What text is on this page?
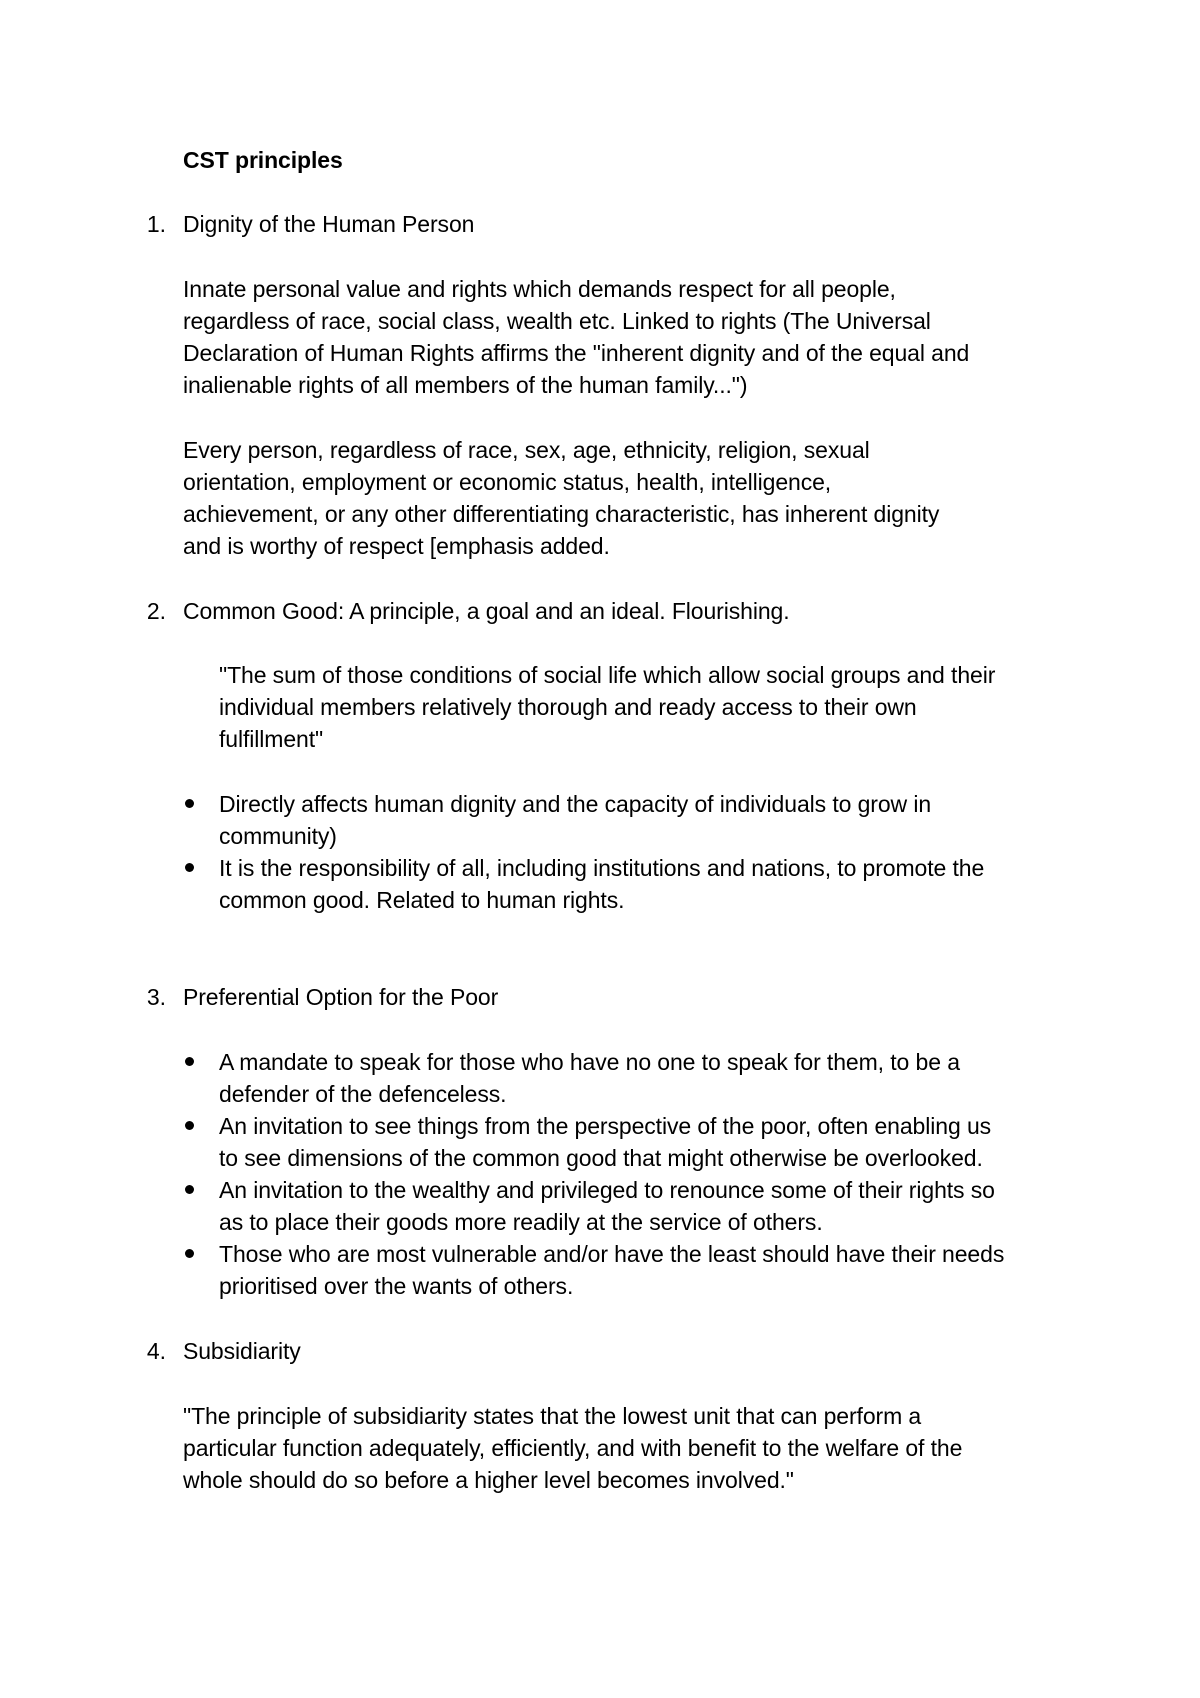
CST principles
1. Dignity of the Human Person
Innate personal value and rights which demands respect for all people,
regardless of race, social class, wealth etc. Linked to rights (The Universal
Declaration of Human Rights affirms the "inherent dignity and of the equal and
inalienable rights of all members of the human family...")
Every person, regardless of race, sex, age, ethnicity, religion, sexual
orientation, employment or economic status, health, intelligence,
achievement, or any other differentiating characteristic, has inherent dignity
and is worthy of respect [emphasis added.
2. Common Good: A principle, a goal and an ideal. Flourishing.
"The sum of those conditions of social life which allow social groups and their
individual members relatively thorough and ready access to their own
fulfillment"
Directly affects human dignity and the capacity of individuals to grow in
community)
It is the responsibility of all, including institutions and nations, to promote the
common good. Related to human rights.
3. Preferential Option for the Poor
A mandate to speak for those who have no one to speak for them, to be a
defender of the defenceless.
An invitation to see things from the perspective of the poor, often enabling us
to see dimensions of the common good that might otherwise be overlooked.
An invitation to the wealthy and privileged to renounce some of their rights so
as to place their goods more readily at the service of others.
Those who are most vulnerable and/or have the least should have their needs
prioritised over the wants of others.
4. Subsidiarity
"The principle of subsidiarity states that the lowest unit that can perform a
particular function adequately, efficiently, and with benefit to the welfare of the
whole should do so before a higher level becomes involved."
